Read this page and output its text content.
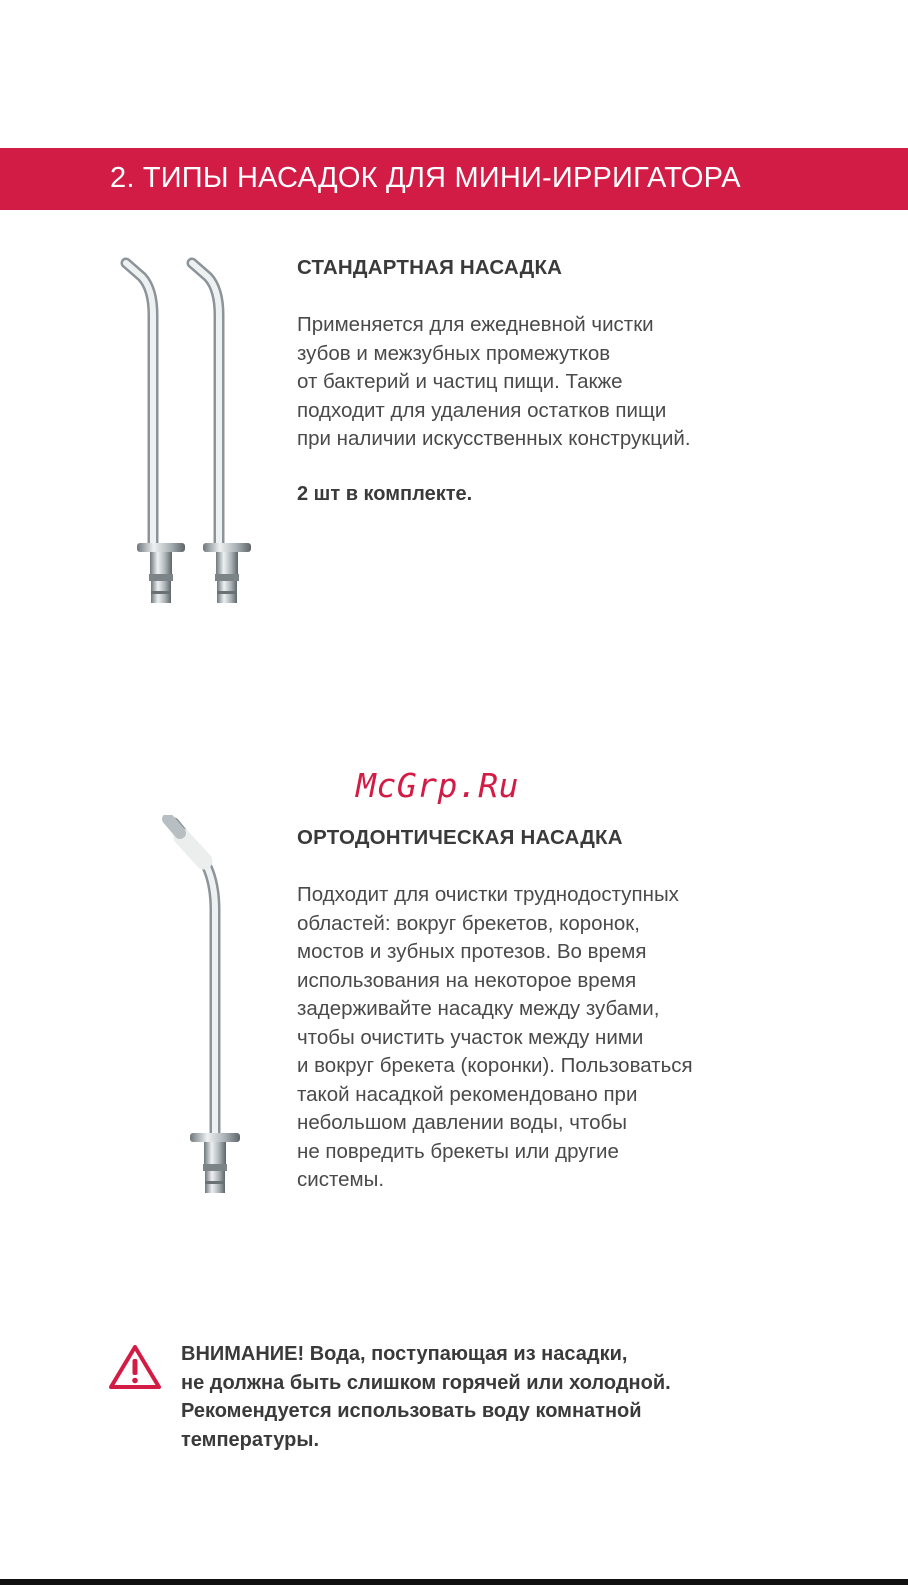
2. ТИПЫ НАСАДОК ДЛЯ МИНИ-ИРРИГАТОРА
СТАНДАРТНАЯ НАСАДКА

Применяется для ежедневной чистки
зубов и межзубных промежутков
от бактерий и частиц пищи. Также
подходит для удаления остатков пищи
при наличии искусственных конструкций.

2 шт в комплекте.
McGrp.Ru
ОРТОДОНТИЧЕСКАЯ НАСАДКА

Подходит для очистки труднодоступных
областей: вокруг брекетов, коронок,
мостов и зубных протезов. Во время
использования на некоторое время
задерживайте насадку между зубами,
чтобы очистить участок между ними
и вокруг брекета (коронки). Пользоваться
такой насадкой рекомендовано при
небольшом давлении воды, чтобы
не повредить брекеты или другие
системы.

ВНИМАНИЕ! Вода, поступающая из насадки,
не должна быть слишком горячей или холодной.
Рекомендуется использовать воду комнатной
температуры.
